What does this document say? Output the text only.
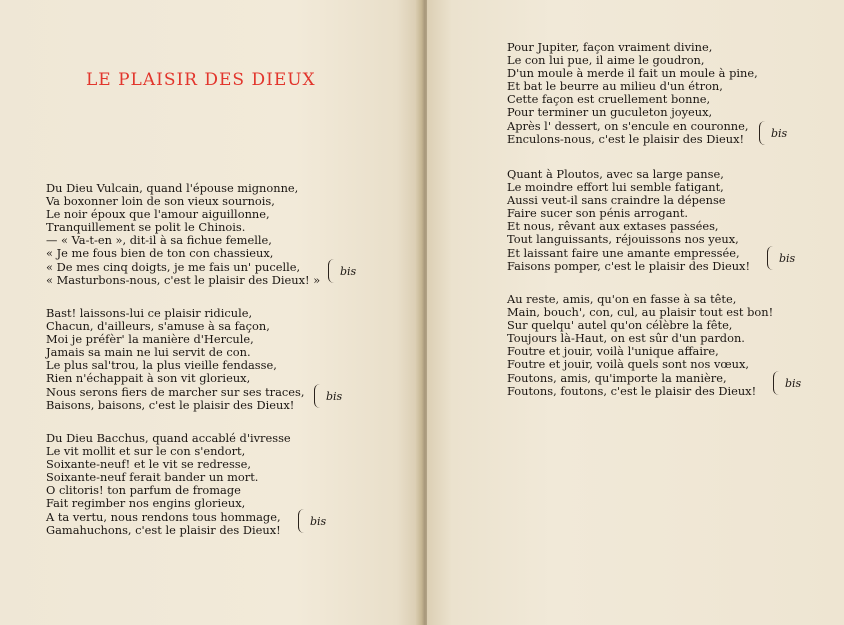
LE PLAISIR DES DIEUX
Du Dieu Vulcain, quand l'épouse mignonne,
Va boxonner loin de son vieux sournois,
Le noir époux que l'amour aiguillonne,
Tranquillement se polit le Chinois.
— « Va-t-en », dit-il à sa fichue femelle,
« Je me fous bien de ton con chassieux,
« De mes cinq doigts, je me fais un' pucelle,
« Masturbons-nous, c'est le plaisir des Dieux! »
bis
Bast! laissons-lui ce plaisir ridicule,
Chacun, d'ailleurs, s'amuse à sa façon,
Moi je préfèr' la manière d'Hercule,
Jamais sa main ne lui servit de con.
Le plus sal'trou, la plus vieille fendasse,
Rien n'échappait à son vit glorieux,
Nous serons fiers de marcher sur ses traces,
Baisons, baisons, c'est le plaisir des Dieux!
bis
Du Dieu Bacchus, quand accablé d'ivresse
Le vit mollit et sur le con s'endort,
Soixante-neuf! et le vit se redresse,
Soixante-neuf ferait bander un mort.
O clitoris! ton parfum de fromage
Fait regimber nos engins glorieux,
A ta vertu, nous rendons tous hommage,
Gamahuchons, c'est le plaisir des Dieux!
bis
Pour Jupiter, façon vraiment divine,
Le con lui pue, il aime le goudron,
D'un moule à merde il fait un moule à pine,
Et bat le beurre au milieu d'un étron,
Cette façon est cruellement bonne,
Pour terminer un guculeton joyeux,
Après l' dessert, on s'encule en couronne,
Enculons-nous, c'est le plaisir des Dieux!	bis
Quant à Ploutos, avec sa large panse,
Le moindre effort lui semble fatigant,
Aussi veut-il sans craindre la dépense
Faire sucer son pénis arrogant.
Et nous, rêvant aux extases passées,
Tout languissants, réjouissons nos yeux,
Et laissant faire une amante empressée,
Faisons pomper, c'est le plaisir des Dieux!
bis
Au reste, amis, qu'on en fasse à sa tête,
Main, bouch', con, cul, au plaisir tout est bon!
Sur quelqu' autel qu'on célèbre la fête,
Toujours là-Haut, on est sûr d'un pardon.
Foutre et jouir, voilà l'unique affaire,
Foutre et jouir, voilà quels sont nos vœux,
Foutons, amis, qu'importe la manière,
Foutons, foutons, c'est le plaisir des Dieux!
bis
